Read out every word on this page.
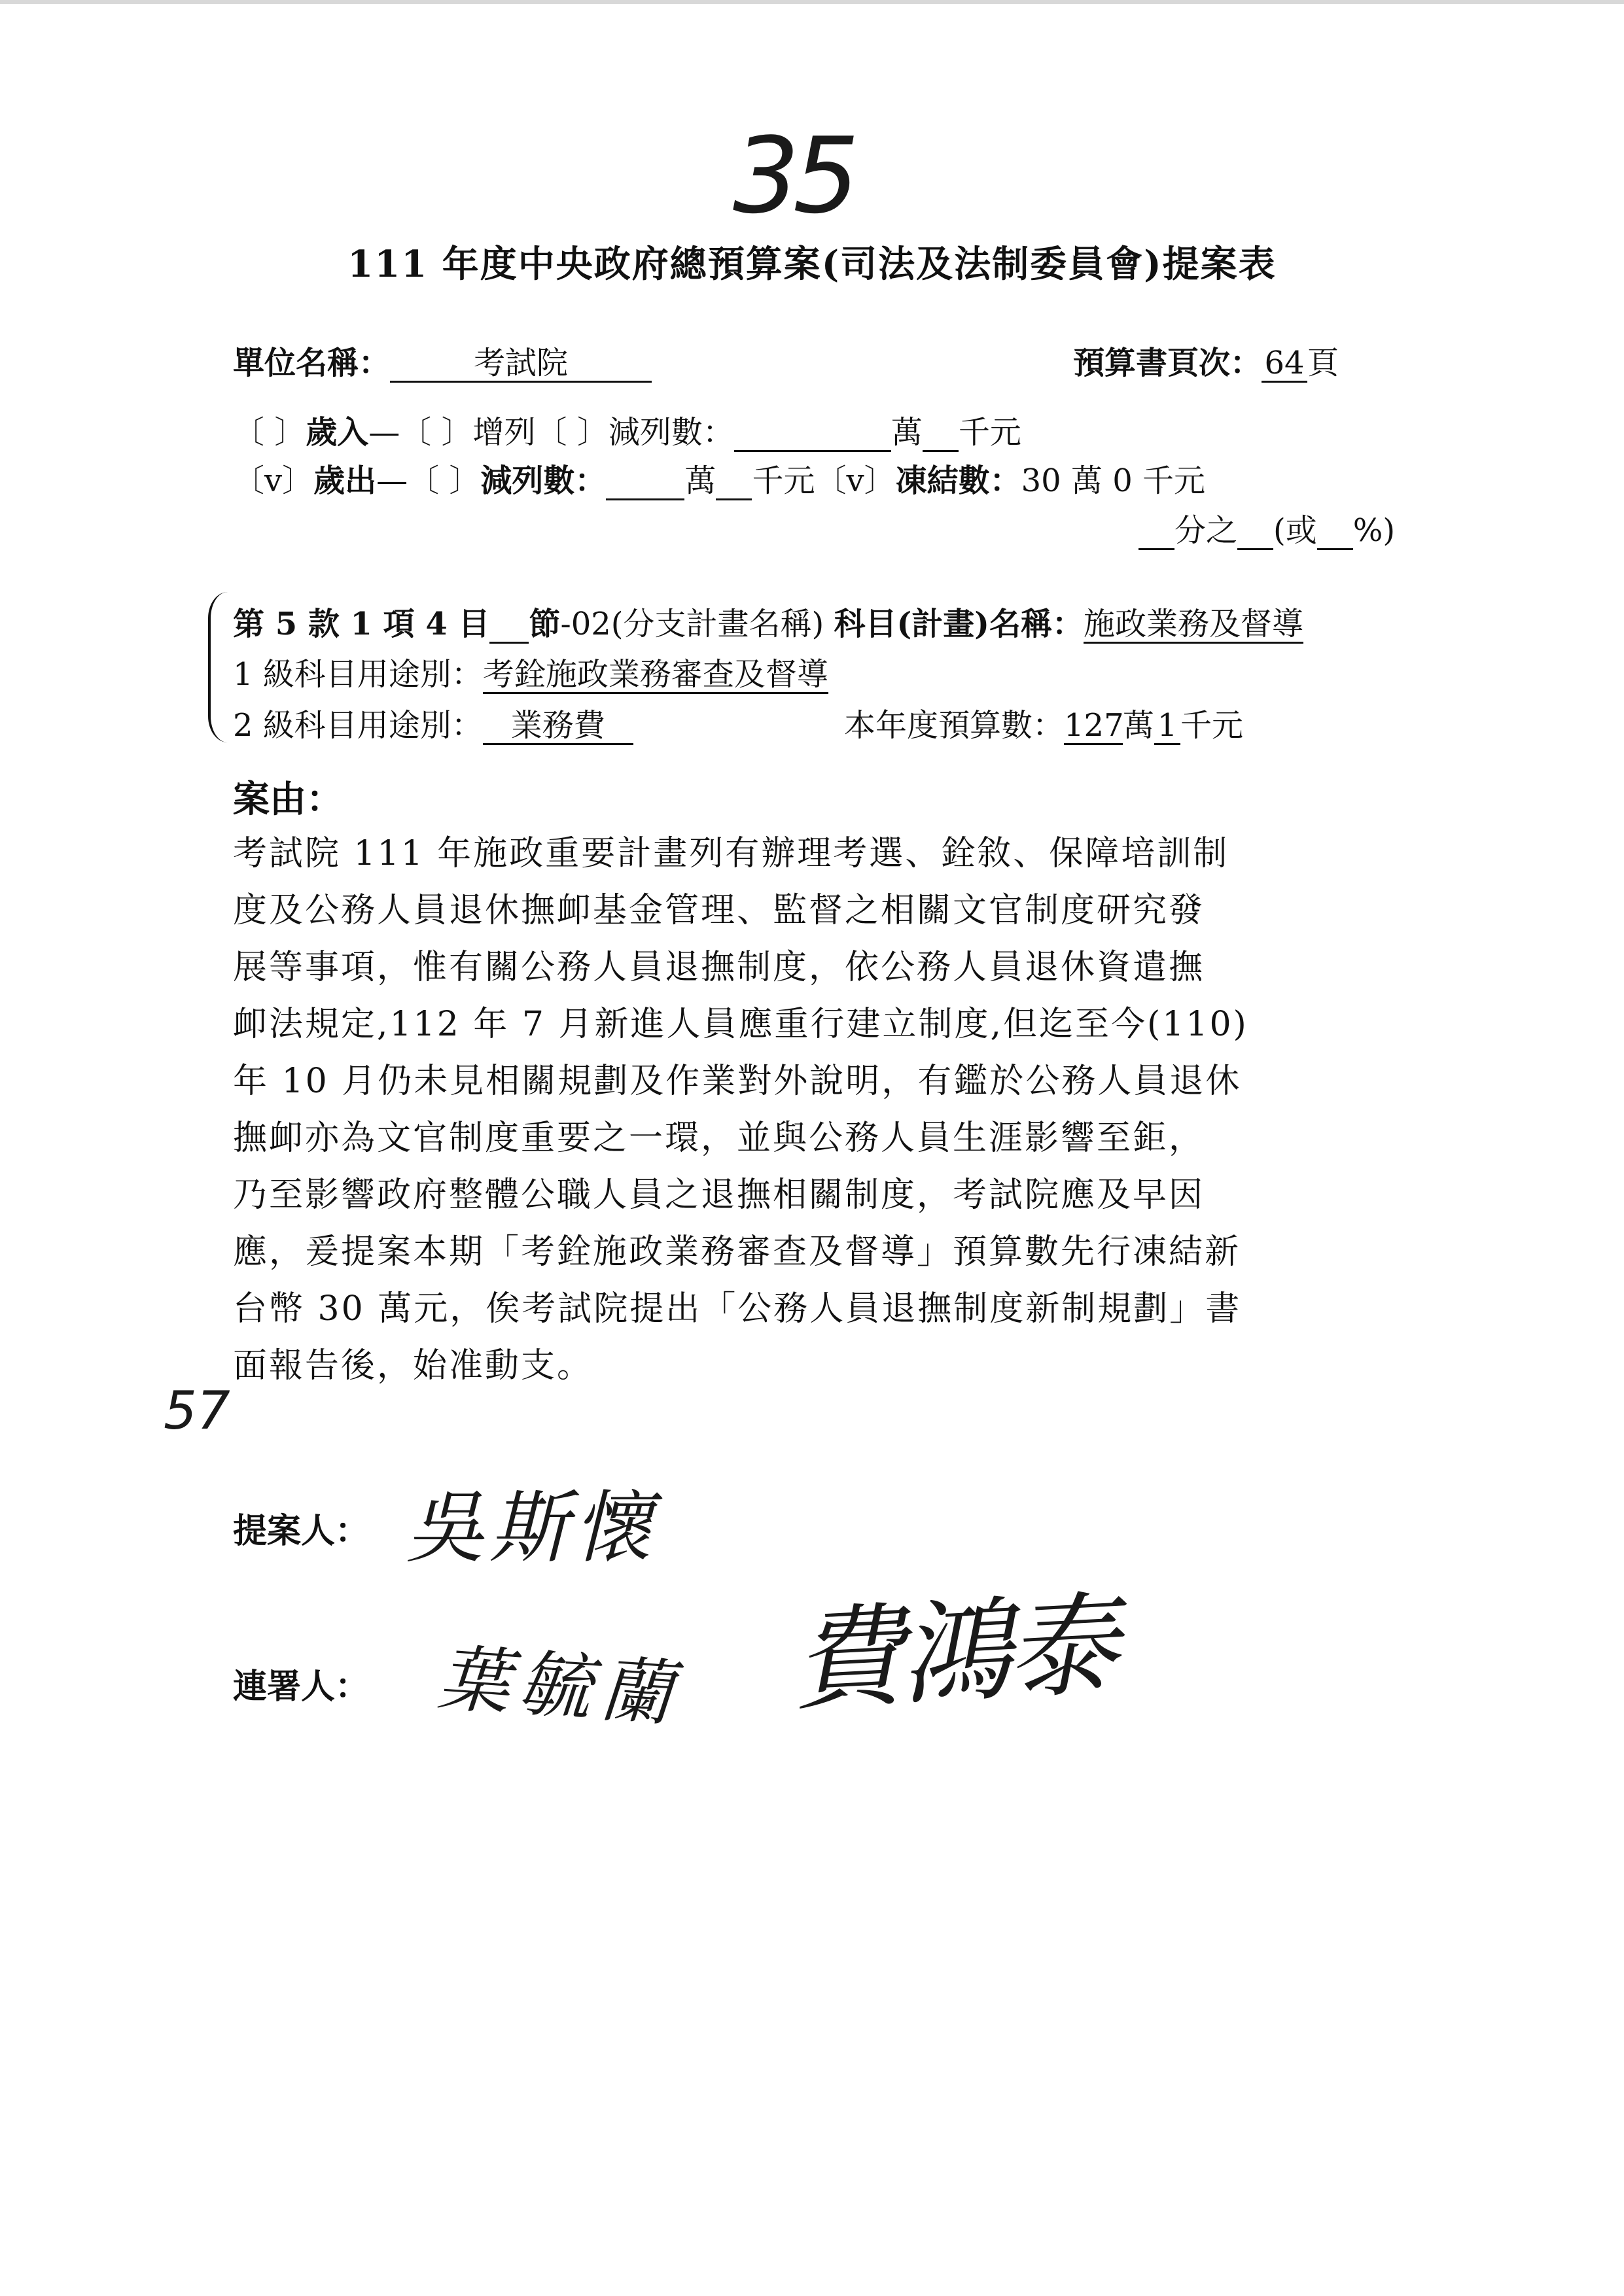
35
111 年度中央政府總預算案(司法及法制委員會)提案表
單位名稱：	考試院	預算書頁次：64頁
〔 〕歲入—〔 〕增列〔 〕減列數：	萬 千元
〔v〕歲出—〔 〕減列數：	萬 千元〔v〕凍結數：30 萬 0 千元
分之 (或 %)
第 5 款 1 項 4 目 節-02(分支計畫名稱) 科目(計畫)名稱：施政業務及督導
1 級科目用途別：考銓施政業務審查及督導
2 級科目用途別： 業務費	本年度預算數：127萬1千元
案由：
考試院 111 年施政重要計畫列有辦理考選、銓敘、保障培訓制
度及公務人員退休撫卹基金管理、監督之相關文官制度研究發
展等事項，惟有關公務人員退撫制度，依公務人員退休資遣撫
卹法規定,112 年 7 月新進人員應重行建立制度,但迄至今(110)
年 10 月仍未見相關規劃及作業對外說明，有鑑於公務人員退休
撫卹亦為文官制度重要之一環，並與公務人員生涯影響至鉅，
乃至影響政府整體公職人員之退撫相關制度，考試院應及早因
應，爰提案本期「考銓施政業務審查及督導」預算數先行凍結新
台幣 30 萬元，俟考試院提出「公務人員退撫制度新制規劃」書
面報告後，始准動支。
57
提案人： 吳斯懷
連署人： 葉毓蘭 費鴻泰
